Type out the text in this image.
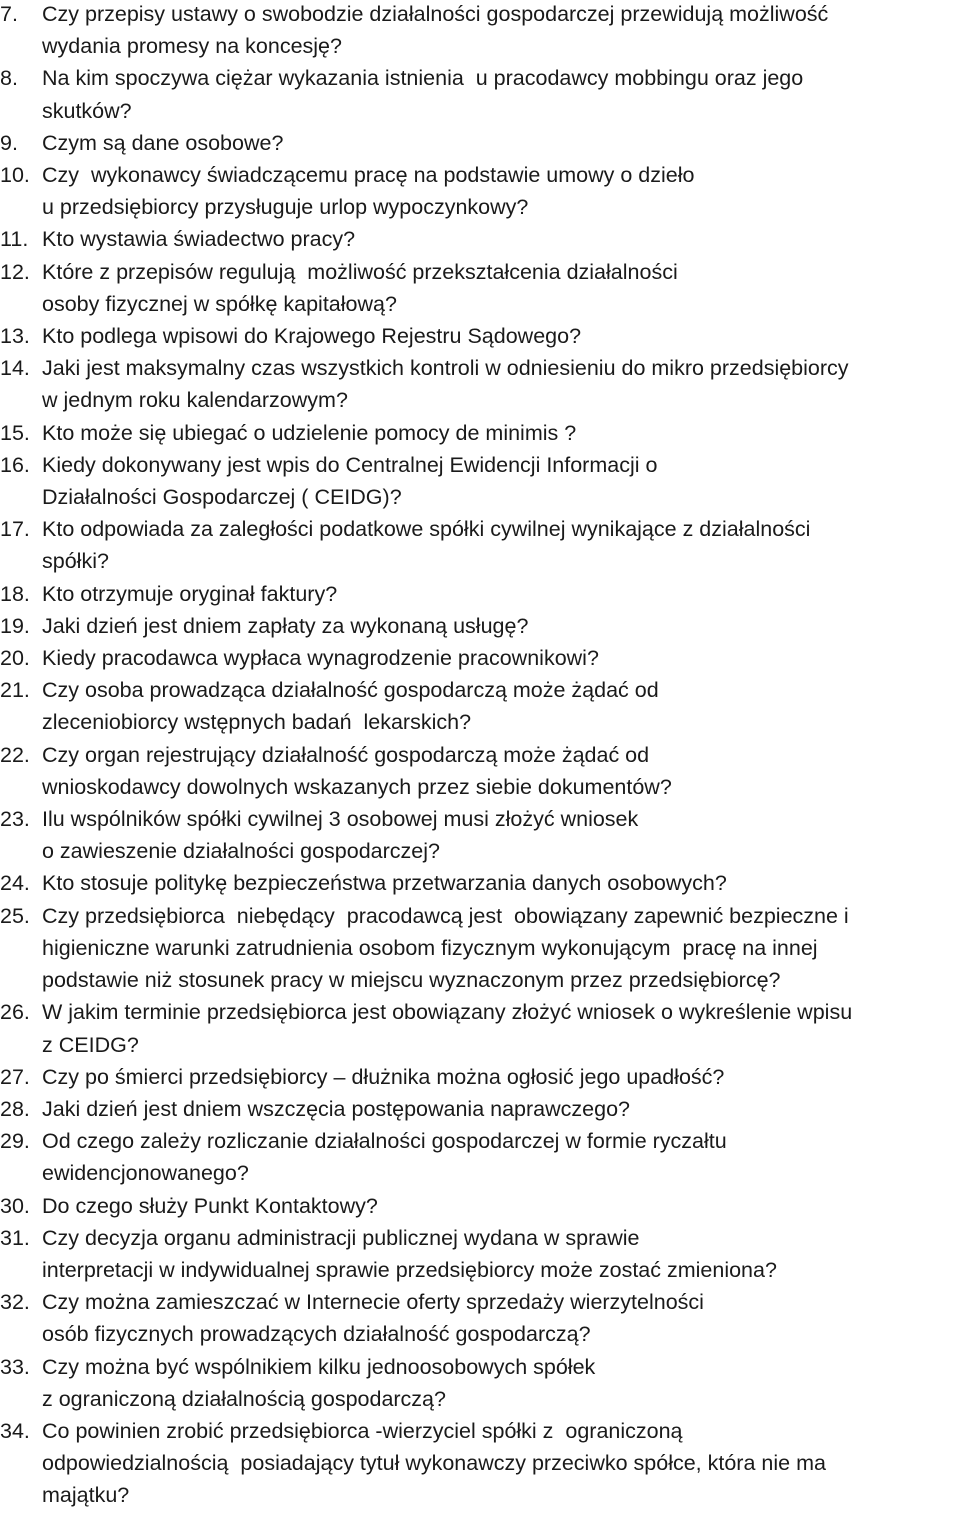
7.	Czy przepisy ustawy o swobodzie działalności gospodarczej przewidują możliwość
wydania promesy na koncesję?
8.	Na kim spoczywa ciężar wykazania istnienia  u pracodawcy mobbingu oraz jego
skutków?
9.	Czym są dane osobowe?
10. Czy  wykonawcy świadczącemu pracę na podstawie umowy o dzieło
u przedsiębiorcy przysługuje urlop wypoczynkowy?
11. Kto wystawia świadectwo pracy?
12. Które z przepisów regulują  możliwość przekształcenia działalności
osoby fizycznej w spółkę kapitałową?
13. Kto podlega wpisowi do Krajowego Rejestru Sądowego?
14. Jaki jest maksymalny czas wszystkich kontroli w odniesieniu do mikro przedsiębiorcy
w jednym roku kalendarzowym?
15. Kto może się ubiegać o udzielenie pomocy de minimis ?
16. Kiedy dokonywany jest wpis do Centralnej Ewidencji Informacji o
Działalności Gospodarczej ( CEIDG)?
17. Kto odpowiada za zaległości podatkowe spółki cywilnej wynikające z działalności
spółki?
18. Kto otrzymuje oryginał faktury?
19. Jaki dzień jest dniem zapłaty za wykonaną usługę?
20. Kiedy pracodawca wypłaca wynagrodzenie pracownikowi?
21. Czy osoba prowadząca działalność gospodarczą może żądać od
zleceniobiorcy wstępnych badań  lekarskich?
22. Czy organ rejestrujący działalność gospodarczą może żądać od
wnioskodawcy dowolnych wskazanych przez siebie dokumentów?
23. Ilu wspólników spółki cywilnej 3 osobowej musi złożyć wniosek
o zawieszenie działalności gospodarczej?
24. Kto stosuje politykę bezpieczeństwa przetwarzania danych osobowych?
25. Czy przedsiębiorca  niebędący  pracodawcą jest  obowiązany zapewnić bezpieczne i
higieniczne warunki zatrudnienia osobom fizycznym wykonującym  pracę na innej
podstawie niż stosunek pracy w miejscu wyznaczonym przez przedsiębiorcę?
26. W jakim terminie przedsiębiorca jest obowiązany złożyć wniosek o wykreślenie wpisu
z CEIDG?
27. Czy po śmierci przedsiębiorcy – dłużnika można ogłosić jego upadłość?
28. Jaki dzień jest dniem wszczęcia postępowania naprawczego?
29. Od czego zależy rozliczanie działalności gospodarczej w formie ryczałtu
ewidencjonowanego?
30. Do czego służy Punkt Kontaktowy?
31. Czy decyzja organu administracji publicznej wydana w sprawie
interpretacji w indywidualnej sprawie przedsiębiorcy może zostać zmieniona?
32. Czy można zamieszczać w Internecie oferty sprzedaży wierzytelności
osób fizycznych prowadzących działalność gospodarczą?
33. Czy można być wspólnikiem kilku jednoosobowych spółek
z ograniczoną działalnością gospodarczą?
34. Co powinien zrobić przedsiębiorca -wierzyciel spółki z  ograniczoną
odpowiedzialnością  posiadający tytuł wykonawczy przeciwko spółce, która nie ma
majątku?
